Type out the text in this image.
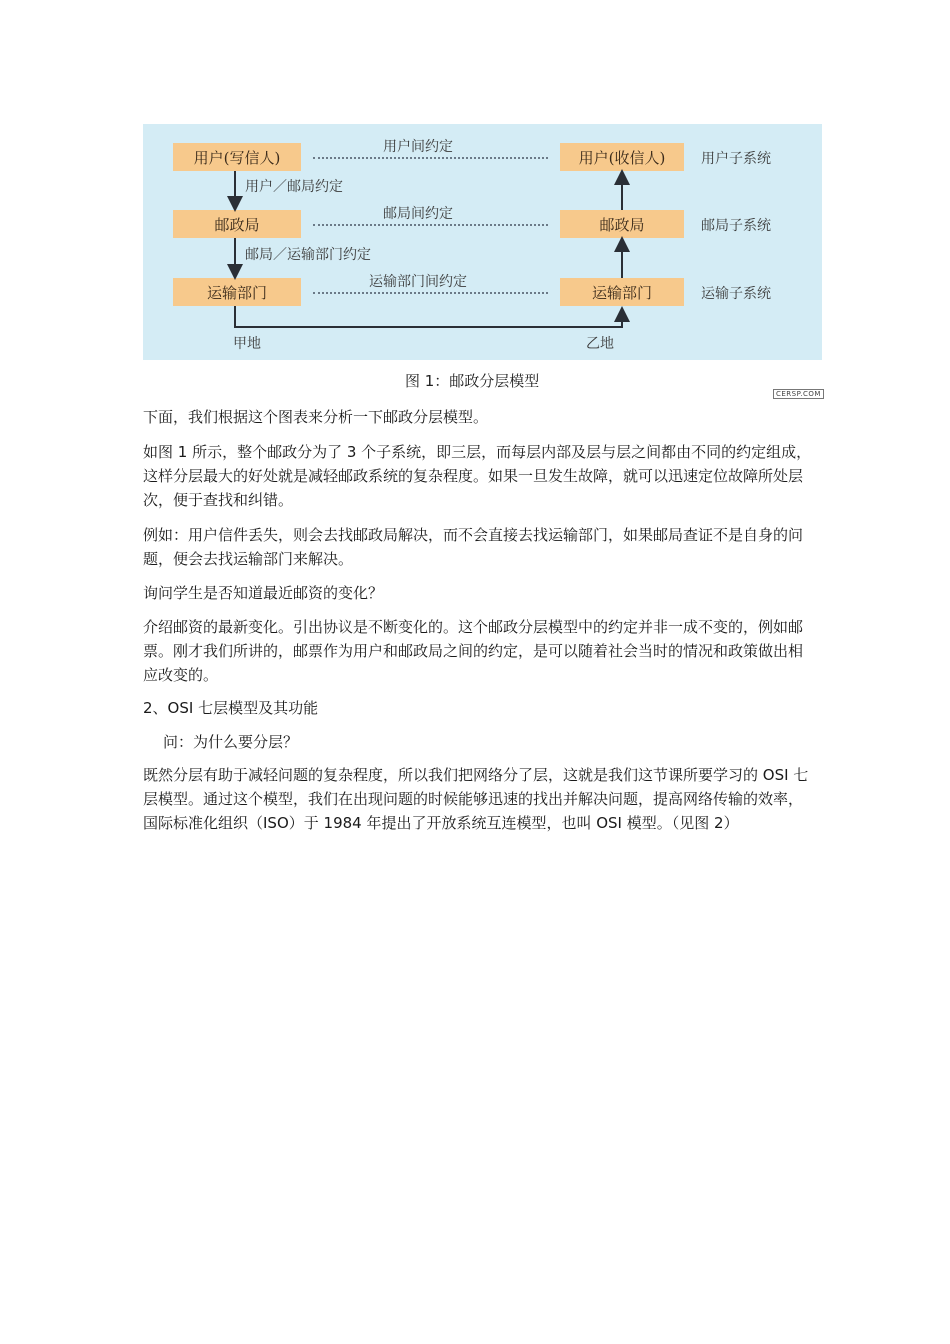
用户(写信人)	用户(收信人)
邮政局	邮政局
运输部门	运输部门
用户间约定
邮局间约定
运输部门间约定
用户／邮局约定
邮局／运输部门约定
用户子系统
邮局子系统
运输子系统
甲地	乙地
图 1：邮政分层模型
CERSP.COM

下面，我们根据这个图表来分析一下邮政分层模型。

如图 1 所示，整个邮政分为了 3 个子系统，即三层，而每层内部及层与层之间都由不同的约定组成，这样分层最大的好处就是减轻邮政系统的复杂程度。如果一旦发生故障，就可以迅速定位故障所处层次，便于查找和纠错。

例如：用户信件丢失，则会去找邮政局解决，而不会直接去找运输部门，如果邮局查证不是自身的问题，便会去找运输部门来解决。

询问学生是否知道最近邮资的变化？

介绍邮资的最新变化。引出协议是不断变化的。这个邮政分层模型中的约定并非一成不变的，例如邮票。刚才我们所讲的，邮票作为用户和邮政局之间的约定，是可以随着社会当时的情况和政策做出相应改变的。

2、OSI 七层模型及其功能

问：为什么要分层？

既然分层有助于减轻问题的复杂程度，所以我们把网络分了层，这就是我们这节课所要学习的 OSI 七层模型。通过这个模型，我们在出现问题的时候能够迅速的找出并解决问题，提高网络传输的效率，国际标准化组织（ISO）于 1984 年提出了开放系统互连模型，也叫 OSI 模型。（见图 2）
